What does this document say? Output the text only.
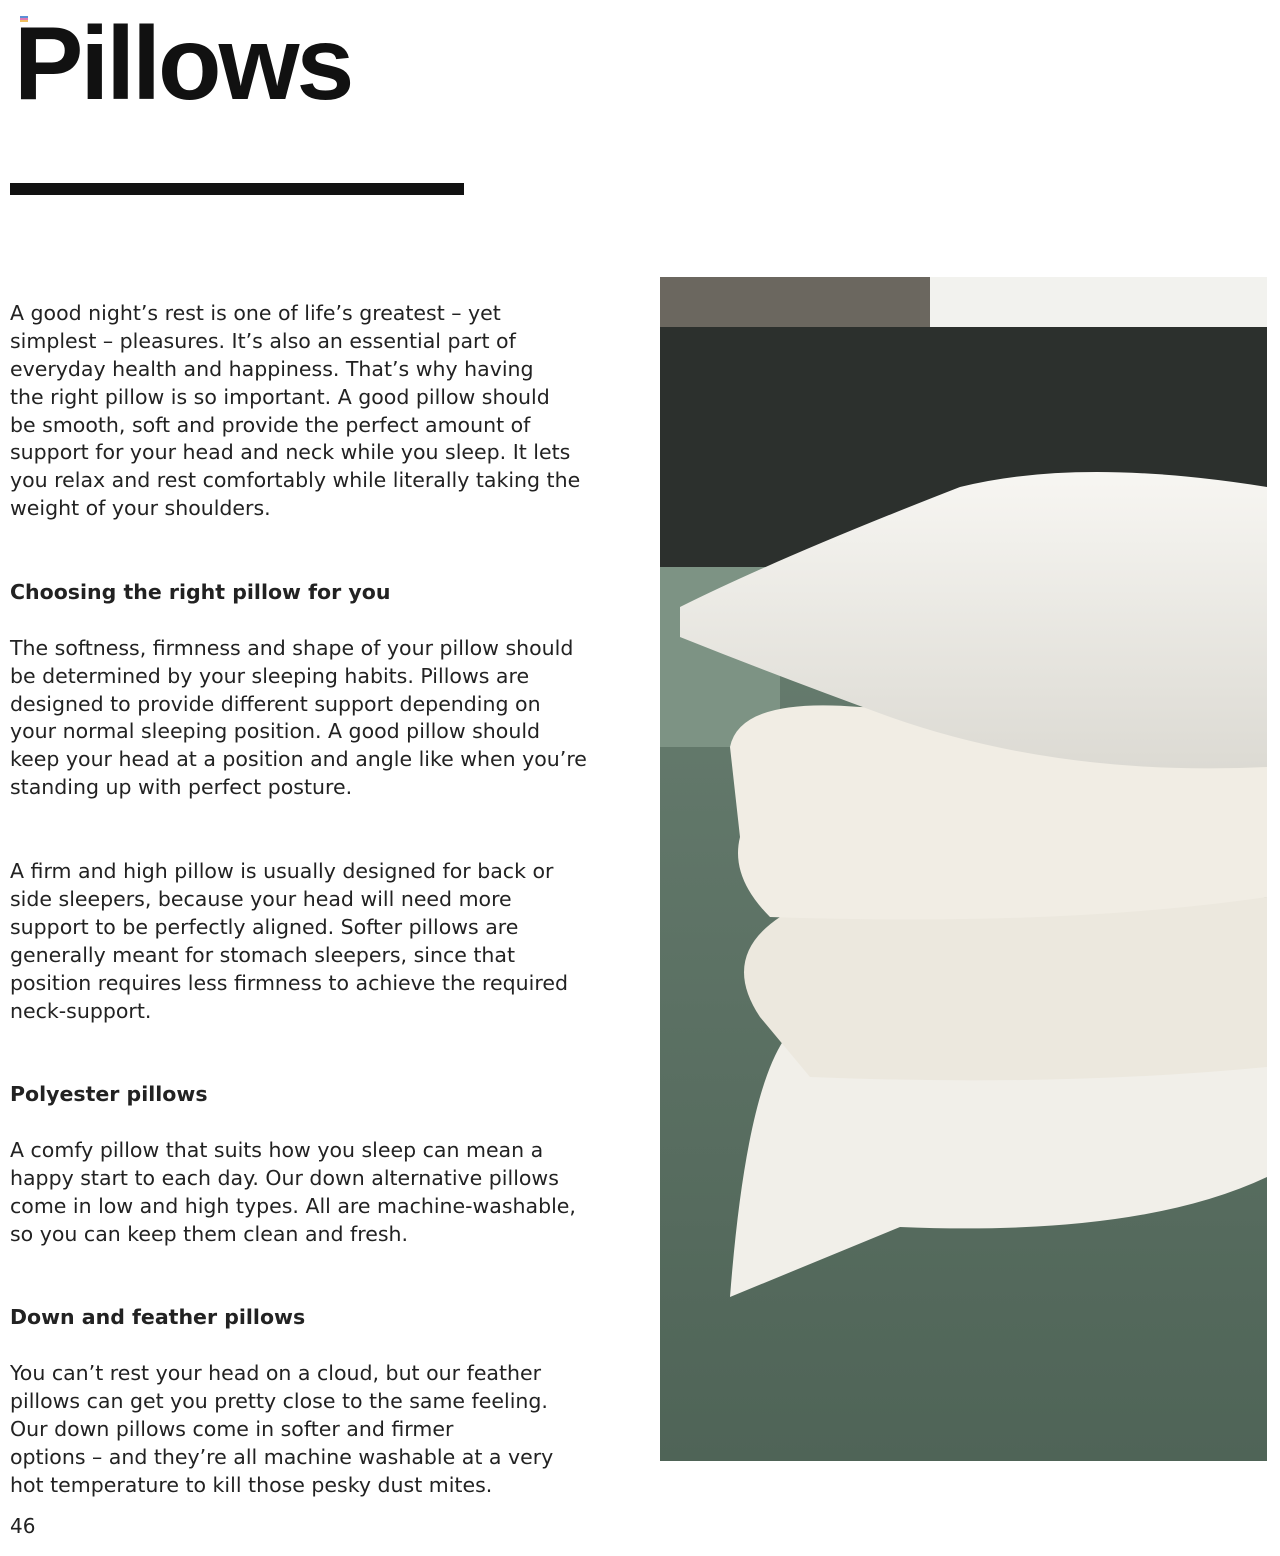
Pillows

A good night’s rest is one of life’s greatest – yet
simplest – pleasures. It’s also an essential part of
everyday health and happiness. That’s why having
the right pillow is so important. A good pillow should
be smooth, soft and provide the perfect amount of
support for your head and neck while you sleep. It lets
you relax and rest comfortably while literally taking the
weight of your shoulders.

Choosing the right pillow for you

The softness, firmness and shape of your pillow should
be determined by your sleeping habits. Pillows are
designed to provide different support depending on
your normal sleeping position. A good pillow should
keep your head at a position and angle like when you’re
standing up with perfect posture.

A firm and high pillow is usually designed for back or
side sleepers, because your head will need more
support to be perfectly aligned. Softer pillows are
generally meant for stomach sleepers, since that
position requires less firmness to achieve the required
neck-support.

Polyester pillows

A comfy pillow that suits how you sleep can mean a
happy start to each day. Our down alternative pillows
come in low and high types. All are machine-washable,
so you can keep them clean and fresh.

Down and feather pillows

You can’t rest your head on a cloud, but our feather
pillows can get you pretty close to the same feeling.
Our down pillows come in softer and firmer
options – and they’re all machine washable at a very
hot temperature to kill those pesky dust mites.

46
